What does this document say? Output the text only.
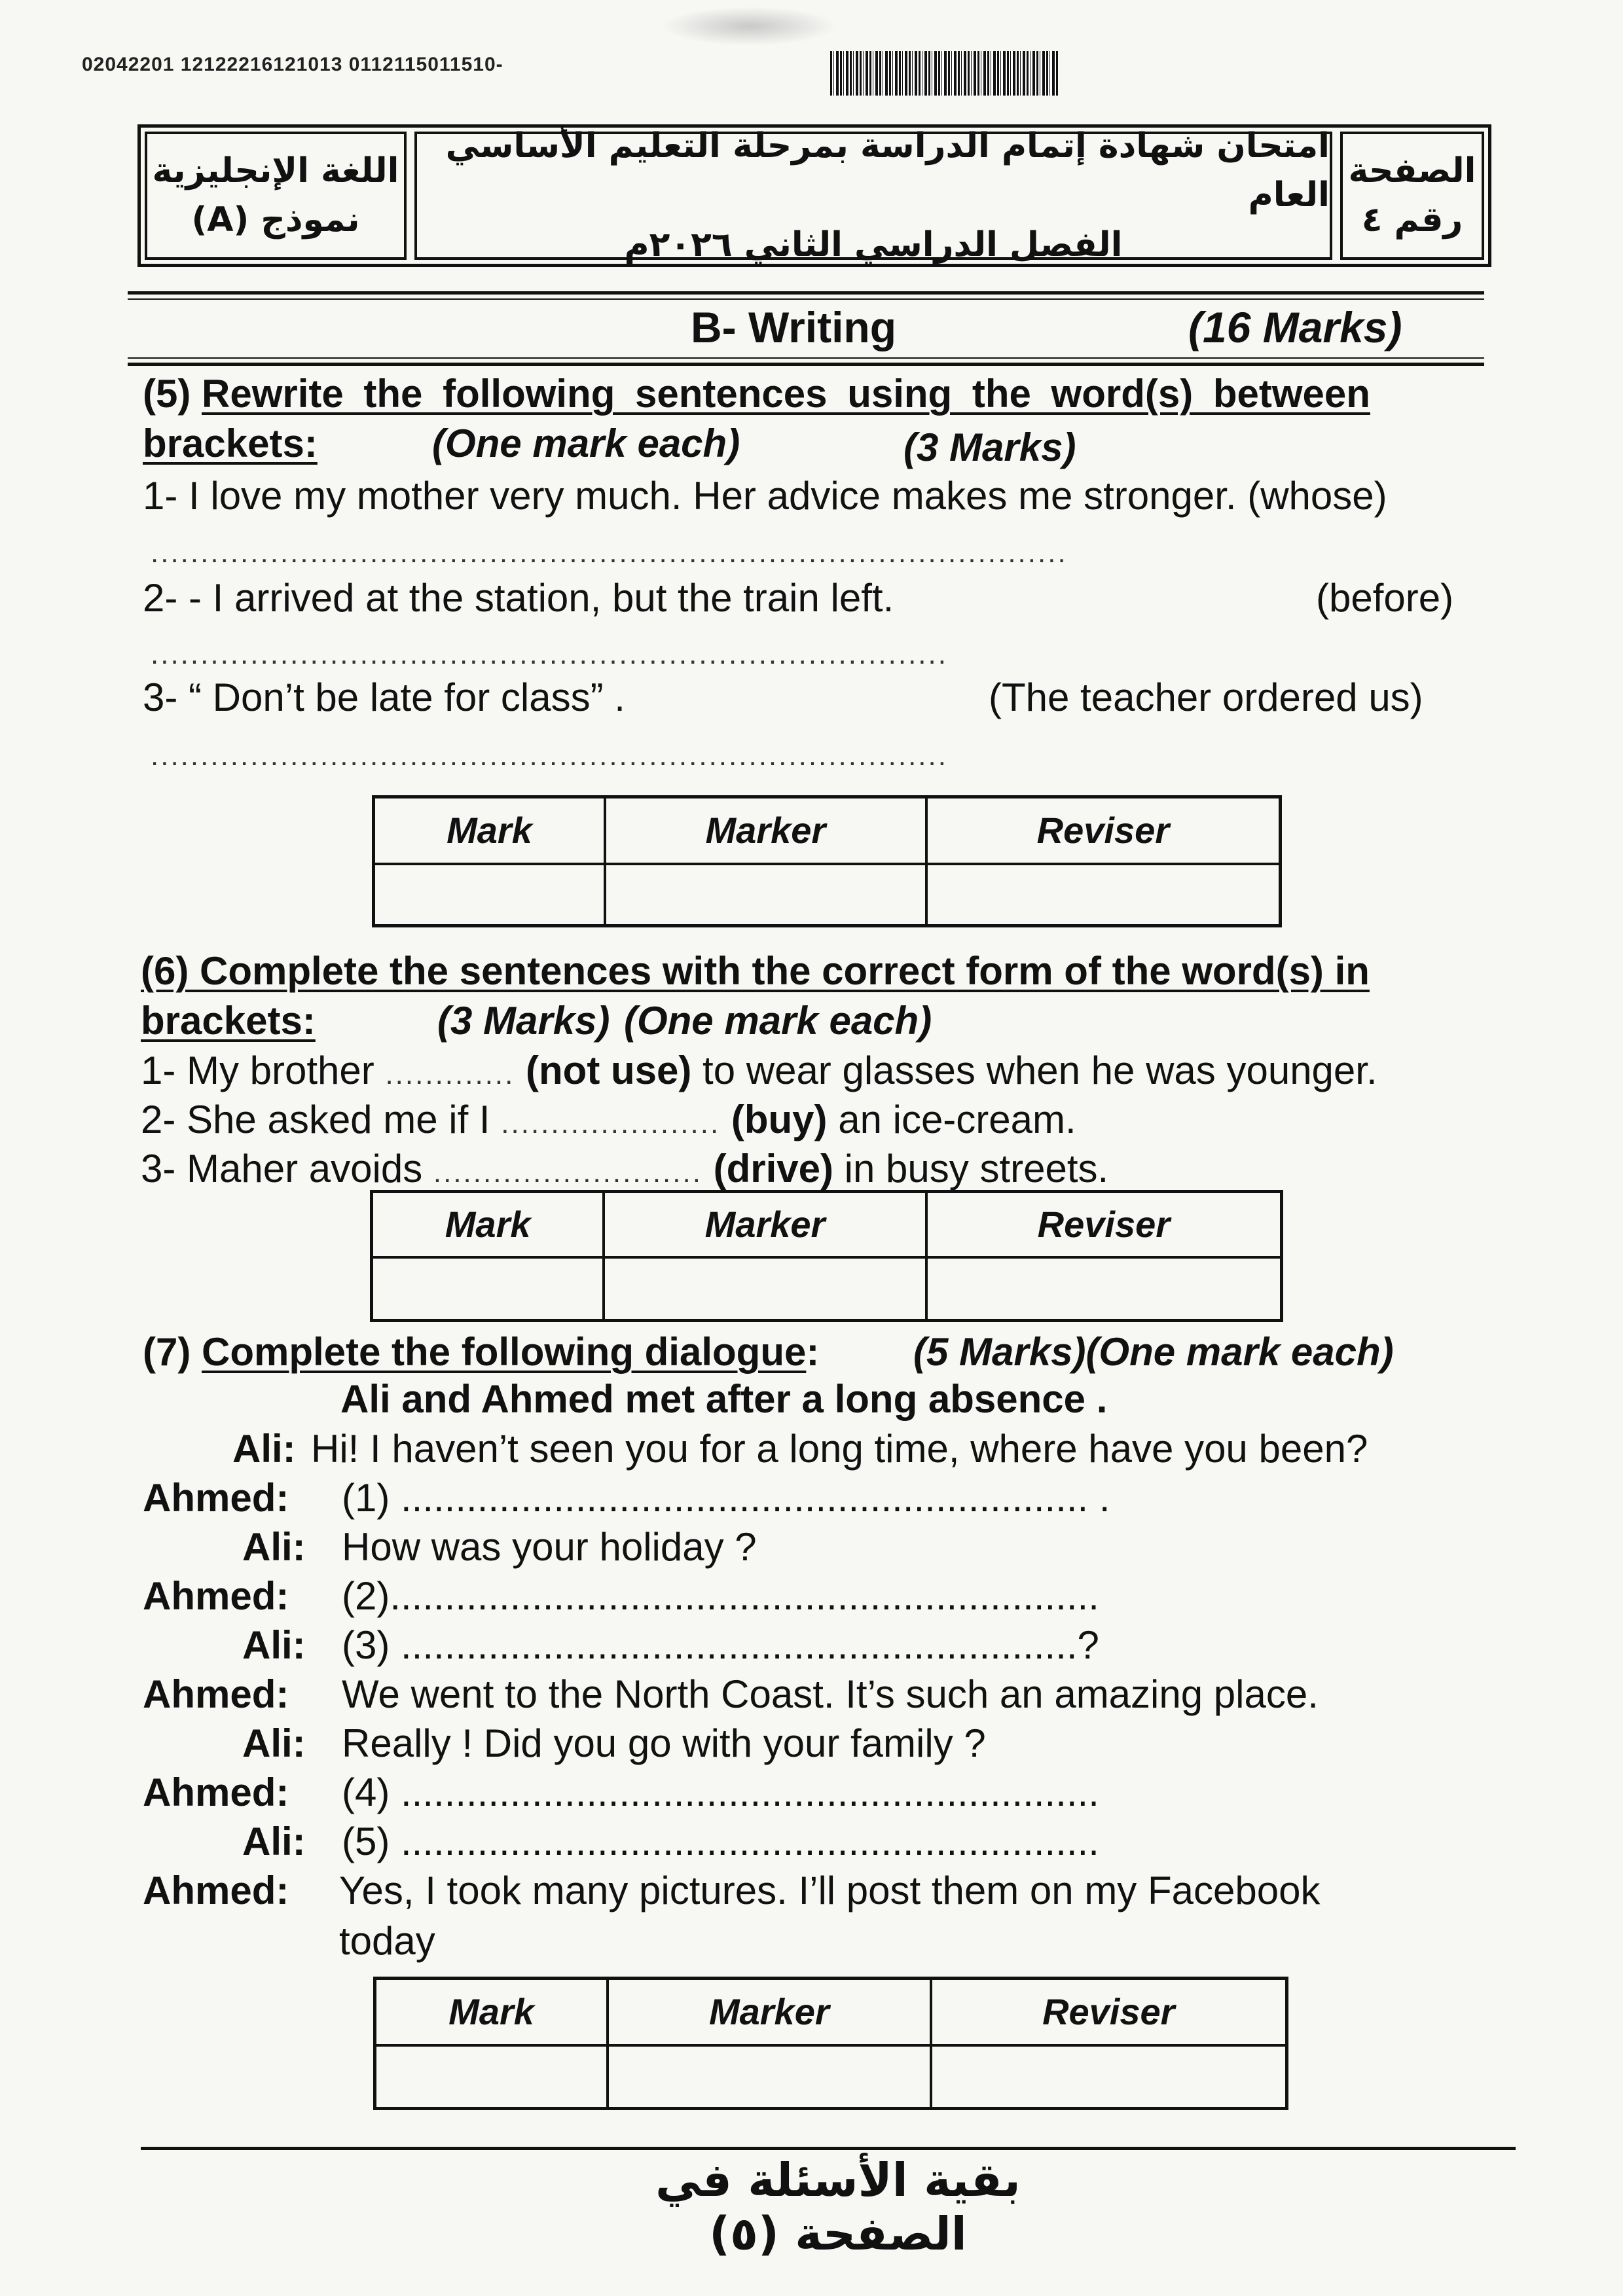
02042201 12122216121013 0112115011510-
اللغة الإنجليزية
نموذج (A)
امتحان شهادة إتمام الدراسة بمرحلة التعليم الأساسي العام
الفصل الدراسي الثاني ٢٠٢٦م
الصفحة
رقم ٤
B- Writing	(16 Marks)
(5) Rewrite the following sentences using the word(s) between
brackets:	(One mark each)	(3 Marks)
1- I love my mother very much. Her advice makes me stronger. (whose)
............................................................................................
2- - I arrived at the station, but the train left.	(before)
................................................................................
3- “ Don’t be late for class” .	(The teacher ordered us)
................................................................................
Mark	Marker	Reviser

(6) Complete the sentences with the correct form of the word(s) in
brackets:	(3 Marks) (One mark each)
1- My brother ............. (not use) to wear glasses when he was younger.
2- She asked me if I ...................... (buy) an ice-cream.
3- Maher avoids ........................... (drive) in busy streets.
Mark	Marker	Reviser

(7) Complete the following dialogue: (5 Marks)(One mark each)
Ali and Ahmed met after a long absence .
Ali: Hi! I haven’t seen you for a long time, where have you been?
Ahmed: (1) ............................................................... .
Ali: How was your holiday ?
Ahmed: (2).................................................................
Ali: (3) ..............................................................?
Ahmed: We went to the North Coast. It’s such an amazing place.
Ali: Really ! Did you go with your family ?
Ahmed: (4) ................................................................
Ali: (5) ................................................................
Ahmed: Yes, I took many pictures. I’ll post them on my Facebook
today
Mark	Marker	Reviser

بقية الأسئلة في الصفحة (٥)
